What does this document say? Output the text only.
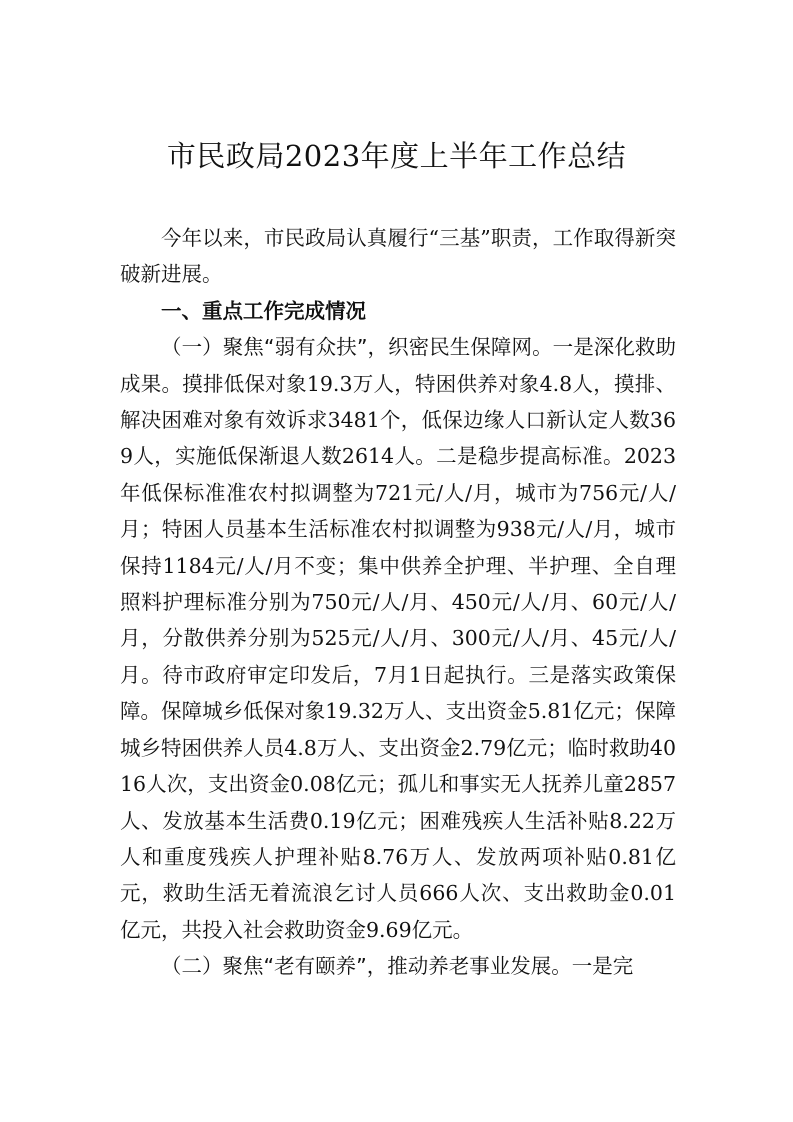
市民政局2023年度上半年工作总结

今年以来，市民政局认真履行“三基”职责，工作取得新突破新进展。

一、重点工作完成情况

（一）聚焦“弱有众扶”，织密民生保障网。一是深化救助成果。摸排低保对象19.3万人，特困供养对象4.8人，摸排、解决困难对象有效诉求3481个，低保边缘人口新认定人数369人，实施低保渐退人数2614人。二是稳步提高标准。2023年低保标准准农村拟调整为721元/人/月，城市为756元/人/月；特困人员基本生活标准农村拟调整为938元/人/月，城市保持1184元/人/月不变；集中供养全护理、半护理、全自理照料护理标准分别为750元/人/月、450元/人/月、60元/人/月，分散供养分别为525元/人/月、300元/人/月、45元/人/月。待市政府审定印发后，7月1日起执行。三是落实政策保障。保障城乡低保对象19.32万人、支出资金5.81亿元；保障城乡特困供养人员4.8万人、支出资金2.79亿元；临时救助4016人次，支出资金0.08亿元；孤儿和事实无人抚养儿童2857人、发放基本生活费0.19亿元；困难残疾人生活补贴8.22万人和重度残疾人护理补贴8.76万人、发放两项补贴0.81亿元，救助生活无着流浪乞讨人员666人次、支出救助金0.01亿元，共投入社会救助资金9.69亿元。

（二）聚焦“老有颐养”，推动养老事业发展。一是完
